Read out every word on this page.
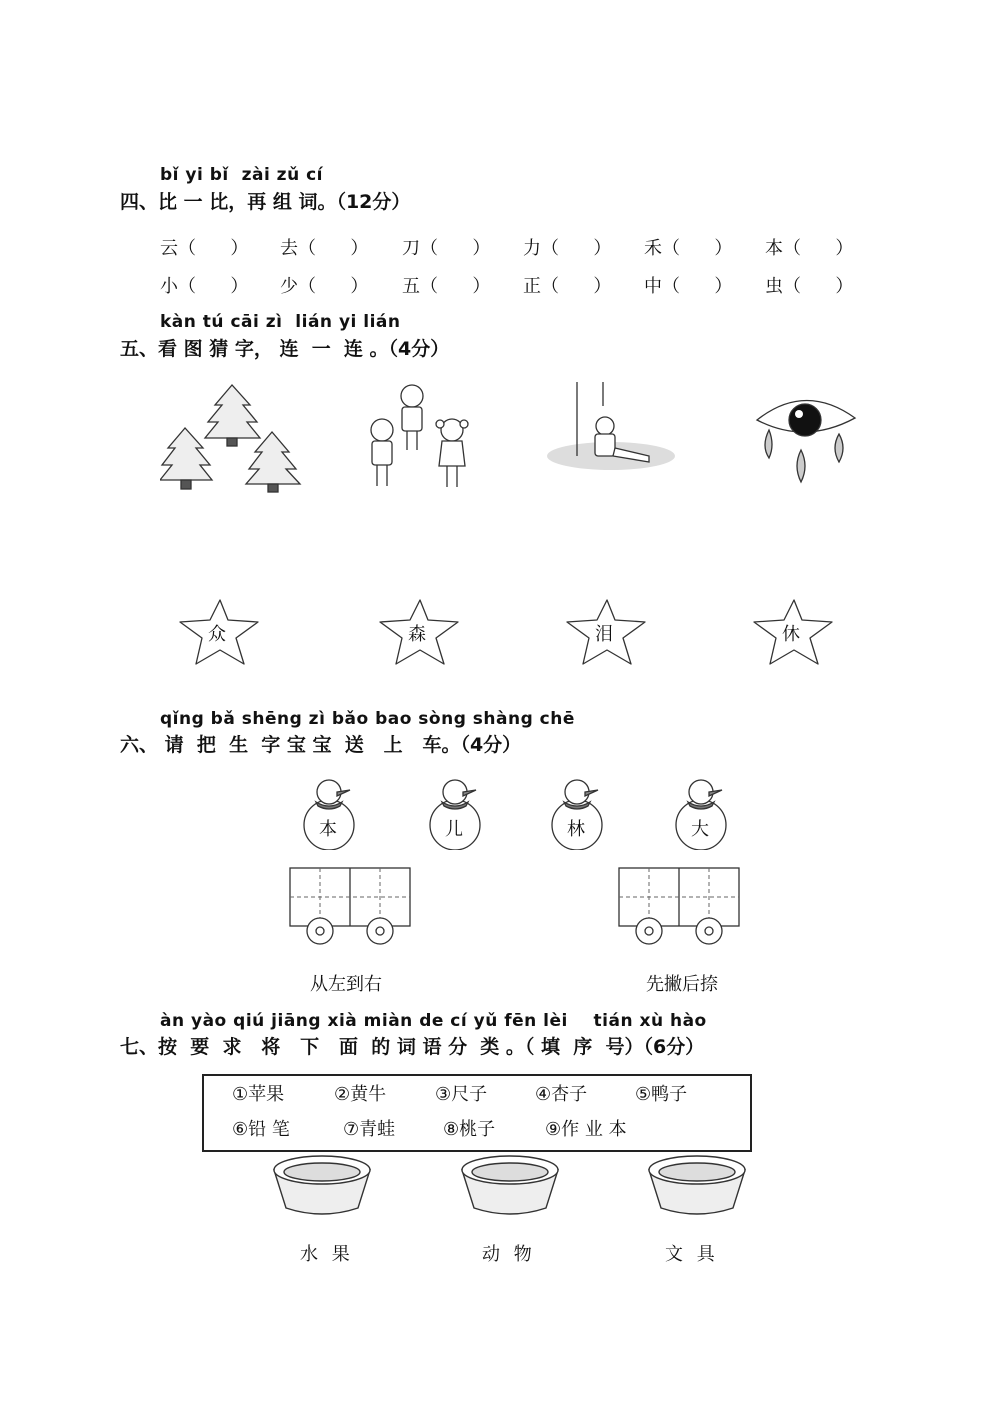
bǐ yi bǐ  zài zǔ cí
四、比 一 比，再 组 词。（12分）
云（      ） 去（      ） 刀（      ） 力（      ） 禾（      ） 本（      ）
小（      ） 少（      ） 五（      ） 正（      ） 中（      ） 虫（      ）
kàn tú cāi zì  lián yi lián
五、看 图 猜 字， 连  一  连 。（4分）
众	森	泪	休
qǐng bǎ shēng zì bǎo bao sòng shàng chē
六、 请  把  生  字 宝 宝  送   上   车。（4分）
本	儿	林	大
从左到右	先撇后捺
àn yào qiú jiāng xià miàn de cí yǔ fēn lèi    tián xù hào
七、按  要  求   将   下   面  的 词 语 分  类 。（ 填  序  号）（6分）
①苹果	②黄牛	③尺子	④杏子	⑤鸭子
⑥铅 笔	⑦青蛙	⑧桃子	⑨作 业 本
水 果	动 物	文 具
